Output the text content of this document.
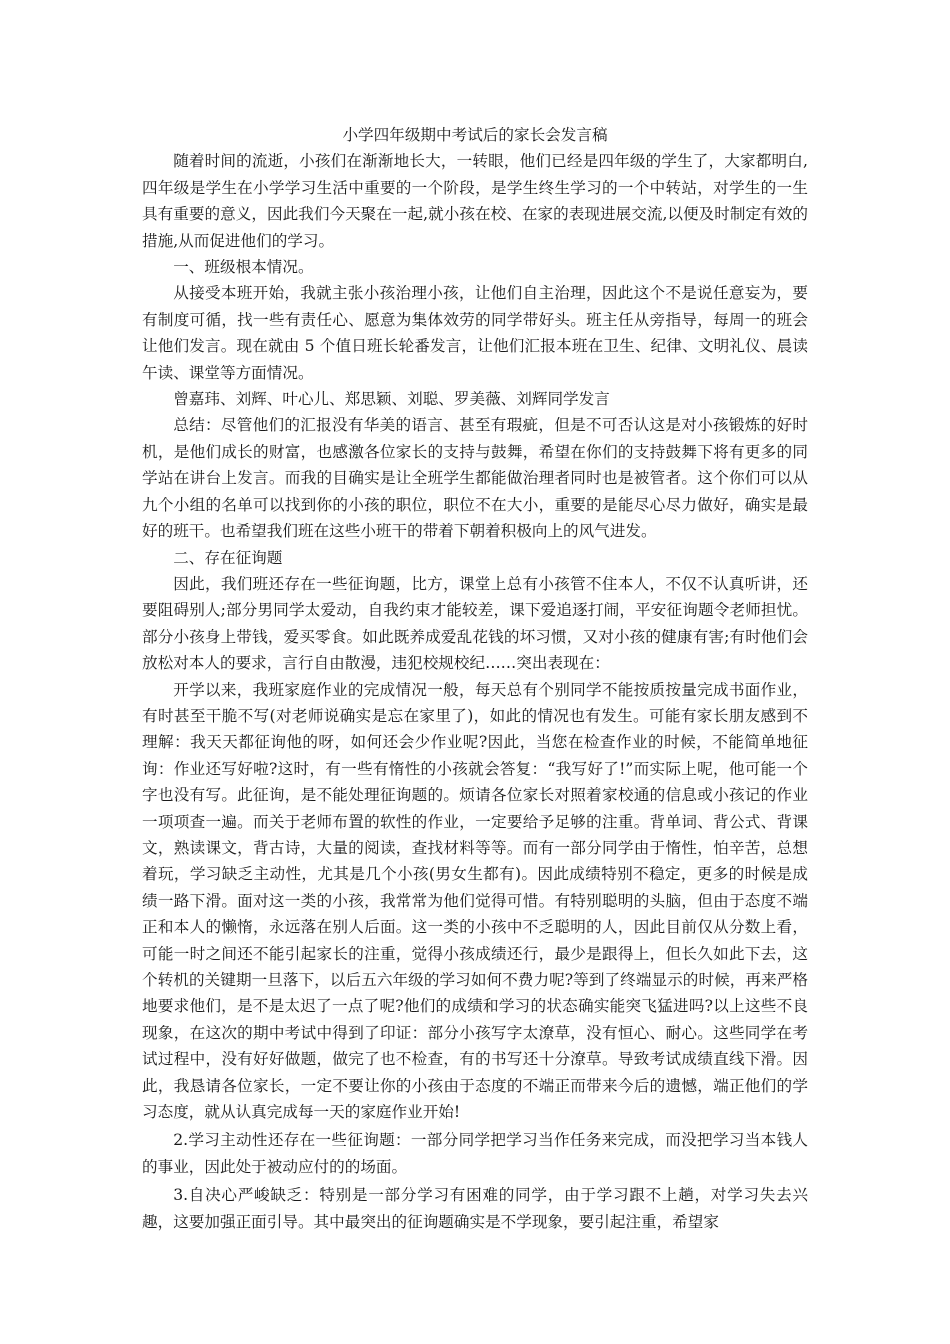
小学四年级期中考试后的家长会发言稿

随着时间的流逝，小孩们在渐渐地长大，一转眼，他们已经是四年级的学生了，大家都明白,四年级是学生在小学学习生活中重要的一个阶段，是学生终生学习的一个中转站，对学生的一生具有重要的意义，因此我们今天聚在一起,就小孩在校、在家的表现进展交流,以便及时制定有效的措施,从而促进他们的学习。

一、班级根本情况。

从接受本班开始，我就主张小孩治理小孩，让他们自主治理，因此这个不是说任意妄为，要有制度可循，找一些有责任心、愿意为集体效劳的同学带好头。班主任从旁指导，每周一的班会让他们发言。现在就由 5 个值日班长轮番发言，让他们汇报本班在卫生、纪律、文明礼仪、晨读午读、课堂等方面情况。

曾嘉玮、刘辉、叶心儿、郑思颖、刘聪、罗美薇、刘辉同学发言

总结：尽管他们的汇报没有华美的语言、甚至有瑕疵，但是不可否认这是对小孩锻炼的好时机，是他们成长的财富，也感激各位家长的支持与鼓舞，希望在你们的支持鼓舞下将有更多的同学站在讲台上发言。而我的目确实是让全班学生都能做治理者同时也是被管者。这个你们可以从九个小组的名单可以找到你的小孩的职位，职位不在大小，重要的是能尽心尽力做好，确实是最好的班干。也希望我们班在这些小班干的带着下朝着积极向上的风气进发。

二、存在征询题

因此，我们班还存在一些征询题，比方，课堂上总有小孩管不住本人，不仅不认真听讲，还要阻碍别人;部分男同学太爱动，自我约束才能较差，课下爱追逐打闹，平安征询题令老师担忧。部分小孩身上带钱，爱买零食。如此既养成爱乱花钱的坏习惯，又对小孩的健康有害;有时他们会放松对本人的要求，言行自由散漫，违犯校规校纪……突出表现在：

开学以来，我班家庭作业的完成情况一般，每天总有个别同学不能按质按量完成书面作业，有时甚至干脆不写(对老师说确实是忘在家里了)，如此的情况也有发生。可能有家长朋友感到不理解：我天天都征询他的呀，如何还会少作业呢?因此，当您在检查作业的时候，不能简单地征询：作业还写好啦?这时，有一些有惰性的小孩就会答复：“我写好了!”而实际上呢，他可能一个字也没有写。此征询，是不能处理征询题的。烦请各位家长对照着家校通的信息或小孩记的作业一项项查一遍。而关于老师布置的软性的作业，一定要给予足够的注重。背单词、背公式、背课文，熟读课文，背古诗，大量的阅读，查找材料等等。而有一部分同学由于惰性，怕辛苦，总想着玩，学习缺乏主动性，尤其是几个小孩(男女生都有)。因此成绩特别不稳定，更多的时候是成绩一路下滑。面对这一类的小孩，我常常为他们觉得可惜。有特别聪明的头脑，但由于态度不端正和本人的懒惰，永远落在别人后面。这一类的小孩中不乏聪明的人，因此目前仅从分数上看，可能一时之间还不能引起家长的注重，觉得小孩成绩还行，最少是跟得上，但长久如此下去，这个转机的关键期一旦落下，以后五六年级的学习如何不费力呢?等到了终端显示的时候，再来严格地要求他们，是不是太迟了一点了呢?他们的成绩和学习的状态确实能突飞猛进吗?以上这些不良现象，在这次的期中考试中得到了印证：部分小孩写字太潦草，没有恒心、耐心。这些同学在考试过程中，没有好好做题，做完了也不检查，有的书写还十分潦草。导致考试成绩直线下滑。因此，我恳请各位家长，一定不要让你的小孩由于态度的不端正而带来今后的遗憾，端正他们的学习态度，就从认真完成每一天的家庭作业开始!

2.学习主动性还存在一些征询题：一部分同学把学习当作任务来完成，而没把学习当本钱人的事业，因此处于被动应付的的场面。

3.自决心严峻缺乏：特别是一部分学习有困难的同学，由于学习跟不上趟，对学习失去兴趣，这要加强正面引导。其中最突出的征询题确实是不学现象，要引起注重，希望家
